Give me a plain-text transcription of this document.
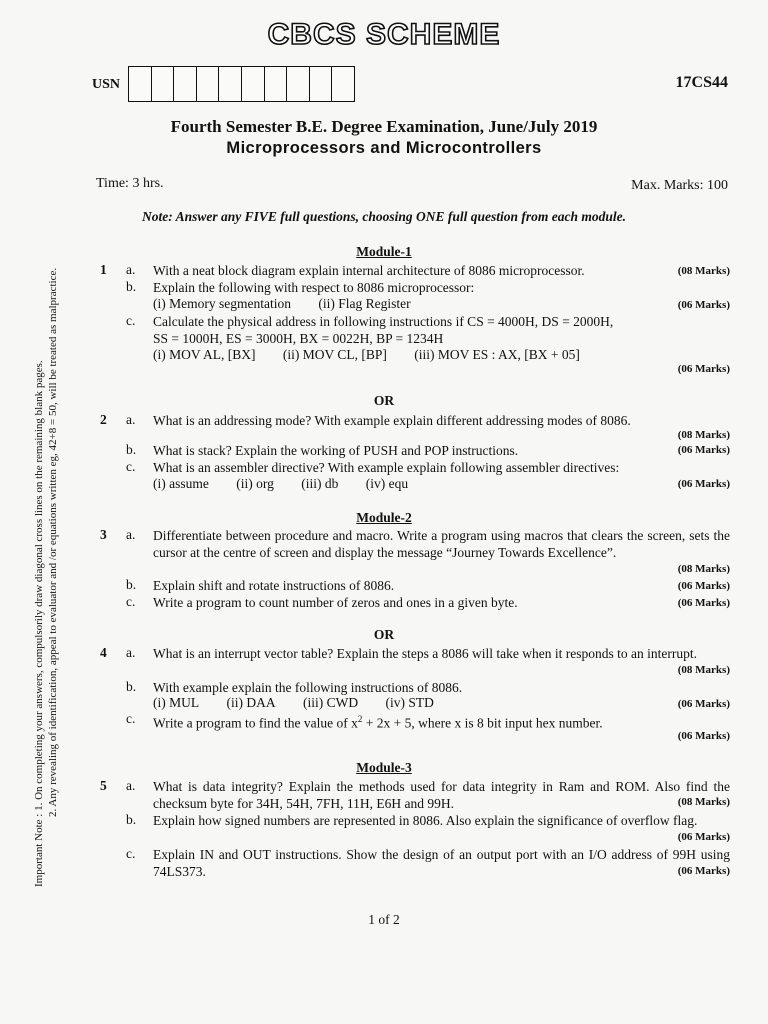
Important Note : 1. On completing your answers, compulsorily draw diagonal cross lines on the remaining blank pages. 2. Any revealing of identification, appeal to evaluator and /or equations written eg, 42+8 = 50, will be treated as malpractice.
CBCS SCHEME
USN	17CS44
Fourth Semester B.E. Degree Examination, June/July 2019
Microprocessors and Microcontrollers
Time: 3 hrs.	Max. Marks: 100
Note: Answer any FIVE full questions, choosing ONE full question from each module.
Module-1
1 a. With a neat block diagram explain internal architecture of 8086 microprocessor.	(08 Marks)
b. Explain the following with respect to 8086 microprocessor:
(i) Memory segmentation (ii) Flag Register	(06 Marks)
c. Calculate the physical address in following instructions if CS = 4000H, DS = 2000H,
SS = 1000H, ES = 3000H, BX = 0022H, BP = 1234H
(i) MOV AL, [BX] (ii) MOV CL, [BP] (iii) MOV ES : AX, [BX + 05]
(06 Marks)
OR
2 a. What is an addressing mode? With example explain different addressing modes of 8086.
(08 Marks)
b. What is stack? Explain the working of PUSH and POP instructions.	(06 Marks)
c. What is an assembler directive? With example explain following assembler directives:
(i) assume (ii) org (iii) db (iv) equ	(06 Marks)
Module-2
3 a. Differentiate between procedure and macro. Write a program using macros that clears the screen, sets the cursor at the centre of screen and display the message “Journey Towards Excellence”.
(08 Marks)
b. Explain shift and rotate instructions of 8086.	(06 Marks)
c. Write a program to count number of zeros and ones in a given byte.	(06 Marks)
OR
4 a. What is an interrupt vector table? Explain the steps a 8086 will take when it responds to an interrupt.
(08 Marks)
b. With example explain the following instructions of 8086.
(i) MUL (ii) DAA (iii) CWD (iv) STD	(06 Marks)
c. Write a program to find the value of $x^2 + 2x + 5$, where x is 8 bit input hex number.
(06 Marks)
Module-3
5 a. What is data integrity? Explain the methods used for data integrity in Ram and ROM. Also find the checksum byte for 34H, 54H, 7FH, 11H, E6H and 99H.	(08 Marks)
b. Explain how signed numbers are represented in 8086. Also explain the significance of overflow flag.
(06 Marks)
c. Explain IN and OUT instructions. Show the design of an output port with an I/O address of 99H using 74LS373.	(06 Marks)
1 of 2
